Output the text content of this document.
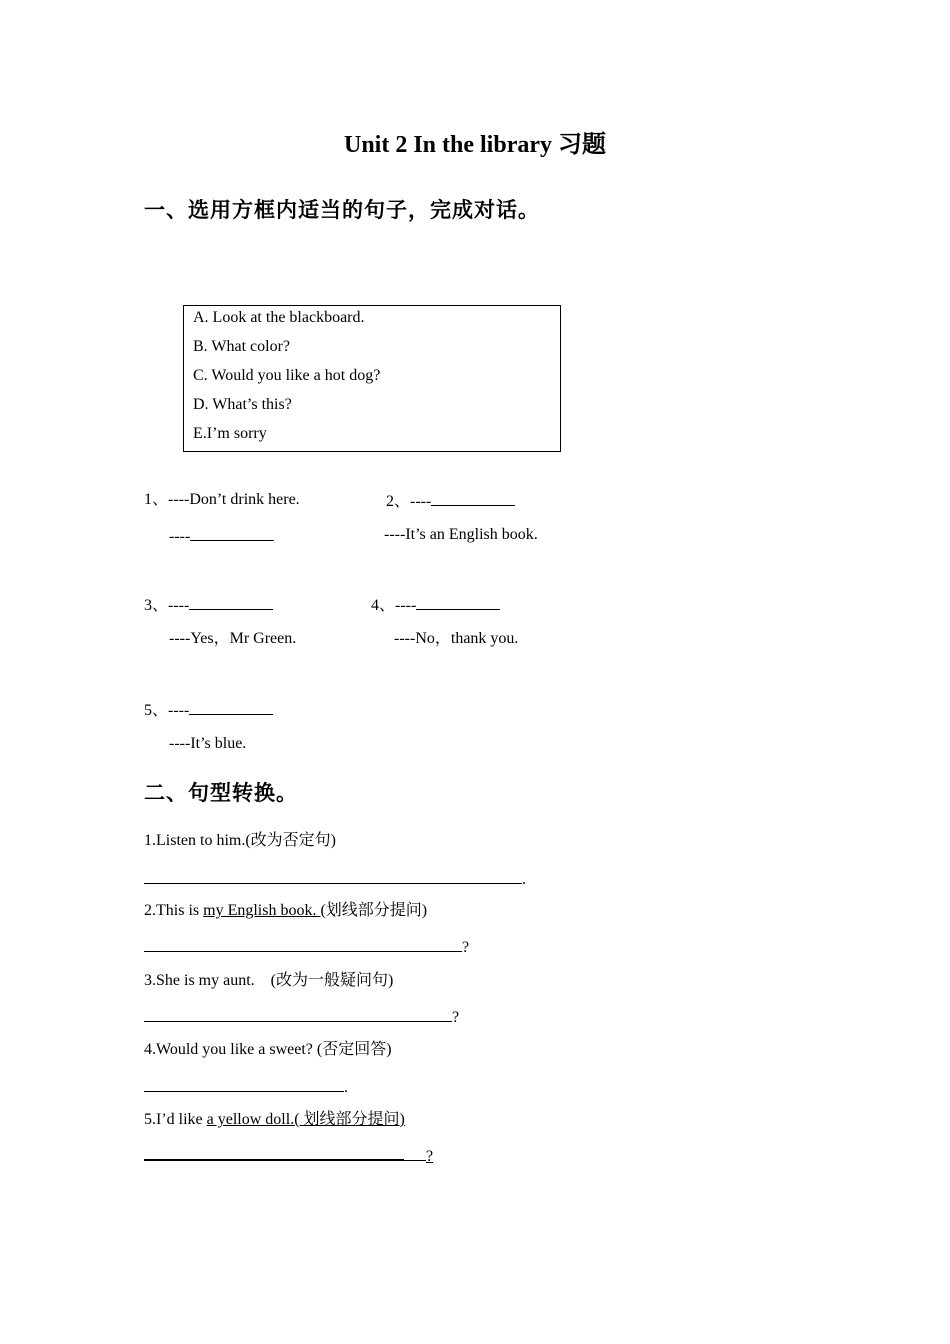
Unit 2 In the library 习题
一、选用方框内适当的句子，完成对话。
A. Look at the blackboard.
B. What color?
C. Would you like a hot dog?
D. What’s this?
E.I’m sorry
1、----Don’t drink here.
----
2、----
----It’s an English book.
3、----
----Yes，Mr Green.
4、----
----No，thank you.
5、----
----It’s blue.
二、句型转换。
1.Listen to him.(改为否定句)
.
2.This is my English book. (划线部分提问)
?
3.She is my aunt.    (改为一般疑问句)
?
4.Would you like a sweet? (否定回答)
.
5.I’d like a yellow doll.( 划线部分提问)
?
